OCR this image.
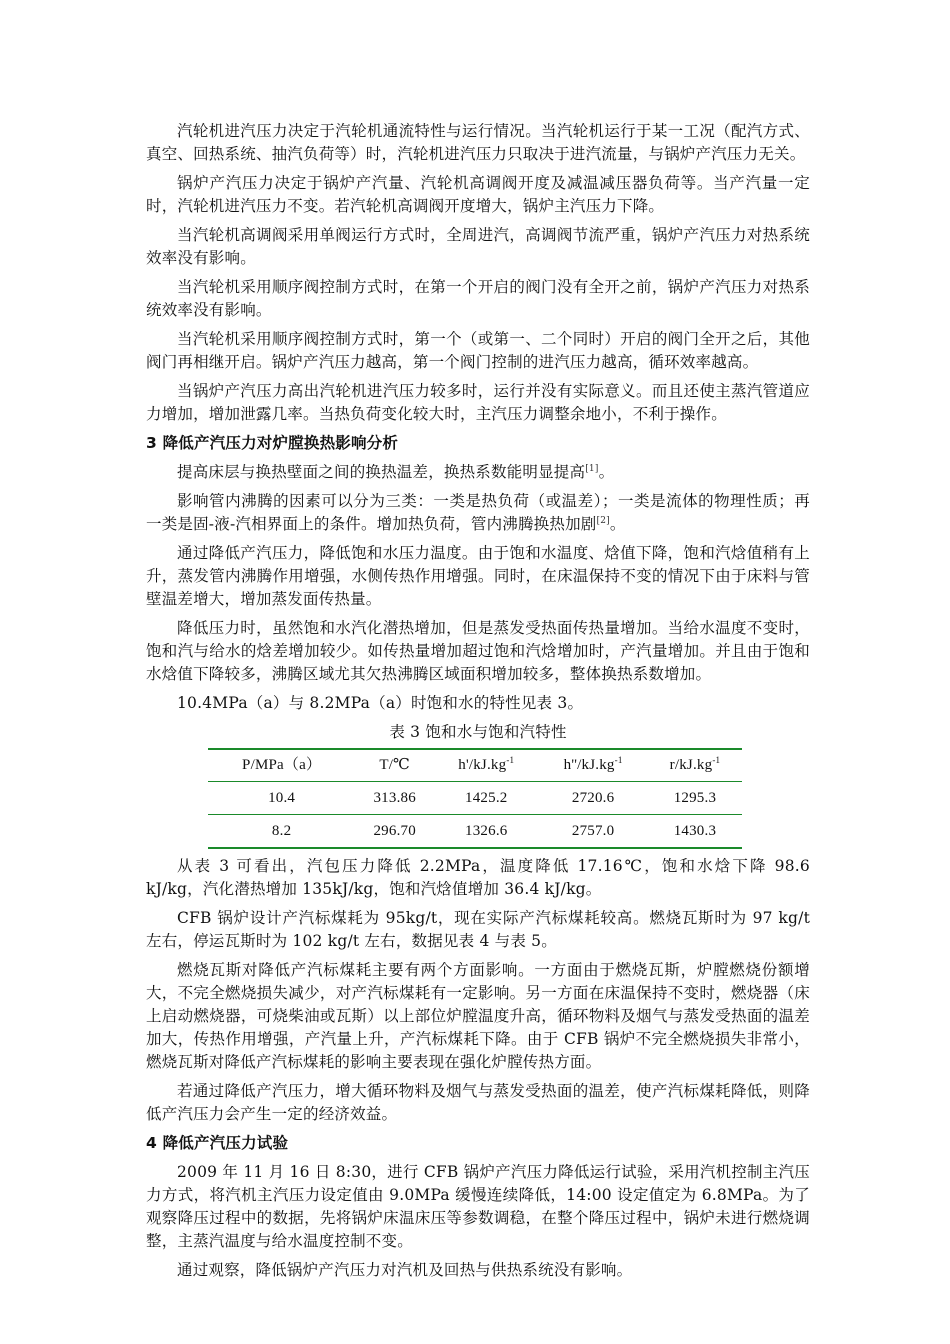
汽轮机进汽压力决定于汽轮机通流特性与运行情况。当汽轮机运行于某一工况（配汽方式、真空、回热系统、抽汽负荷等）时，汽轮机进汽压力只取决于进汽流量，与锅炉产汽压力无关。

锅炉产汽压力决定于锅炉产汽量、汽轮机高调阀开度及减温减压器负荷等。当产汽量一定时，汽轮机进汽压力不变。若汽轮机高调阀开度增大，锅炉主汽压力下降。

当汽轮机高调阀采用单阀运行方式时，全周进汽，高调阀节流严重，锅炉产汽压力对热系统效率没有影响。

当汽轮机采用顺序阀控制方式时，在第一个开启的阀门没有全开之前，锅炉产汽压力对热系统效率没有影响。

当汽轮机采用顺序阀控制方式时，第一个（或第一、二个同时）开启的阀门全开之后，其他阀门再相继开启。锅炉产汽压力越高，第一个阀门控制的进汽压力越高，循环效率越高。

当锅炉产汽压力高出汽轮机进汽压力较多时，运行并没有实际意义。而且还使主蒸汽管道应力增加，增加泄露几率。当热负荷变化较大时，主汽压力调整余地小，不利于操作。

3 降低产汽压力对炉膛换热影响分析

提高床层与换热壁面之间的换热温差，换热系数能明显提高[1]。

影响管内沸腾的因素可以分为三类：一类是热负荷（或温差）；一类是流体的物理性质；再一类是固-液-汽相界面上的条件。增加热负荷，管内沸腾换热加剧[2]。

通过降低产汽压力，降低饱和水压力温度。由于饱和水温度、焓值下降，饱和汽焓值稍有上升，蒸发管内沸腾作用增强，水侧传热作用增强。同时，在床温保持不变的情况下由于床料与管壁温差增大，增加蒸发面传热量。

降低压力时，虽然饱和水汽化潜热增加，但是蒸发受热面传热量增加。当给水温度不变时，饱和汽与给水的焓差增加较少。如传热量增加超过饱和汽焓增加时，产汽量增加。并且由于饱和水焓值下降较多，沸腾区域尤其欠热沸腾区域面积增加较多，整体换热系数增加。

10.4MPa（a）与 8.2MPa（a）时饱和水的特性见表 3。

表 3 饱和水与饱和汽特性

P/MPa（a）	T/℃	$h'/kJ.kg^{-1}$	$h''/kJ.kg^{-1}$	$r/kJ.kg^{-1}$
10.4	313.86	1425.2	2720.6	1295.3
8.2	296.70	1326.6	2757.0	1430.3

从表 3 可看出，汽包压力降低 2.2MPa，温度降低 17.16℃，饱和水焓下降 98.6 kJ/kg，汽化潜热增加 135kJ/kg，饱和汽焓值增加 36.4 kJ/kg。

CFB 锅炉设计产汽标煤耗为 95kg/t，现在实际产汽标煤耗较高。燃烧瓦斯时为 97 kg/t 左右，停运瓦斯时为 102 kg/t 左右，数据见表 4 与表 5。

燃烧瓦斯对降低产汽标煤耗主要有两个方面影响。一方面由于燃烧瓦斯，炉膛燃烧份额增大，不完全燃烧损失减少，对产汽标煤耗有一定影响。另一方面在床温保持不变时，燃烧器（床上启动燃烧器，可烧柴油或瓦斯）以上部位炉膛温度升高，循环物料及烟气与蒸发受热面的温差加大，传热作用增强，产汽量上升，产汽标煤耗下降。由于 CFB 锅炉不完全燃烧损失非常小，燃烧瓦斯对降低产汽标煤耗的影响主要表现在强化炉膛传热方面。

若通过降低产汽压力，增大循环物料及烟气与蒸发受热面的温差，使产汽标煤耗降低，则降低产汽压力会产生一定的经济效益。

4 降低产汽压力试验

2009 年 11 月 16 日 8:30，进行 CFB 锅炉产汽压力降低运行试验，采用汽机控制主汽压力方式，将汽机主汽压力设定值由 9.0MPa 缓慢连续降低，14:00 设定值定为 6.8MPa。为了观察降压过程中的数据，先将锅炉床温床压等参数调稳，在整个降压过程中，锅炉未进行燃烧调整，主蒸汽温度与给水温度控制不变。

通过观察，降低锅炉产汽压力对汽机及回热与供热系统没有影响。
